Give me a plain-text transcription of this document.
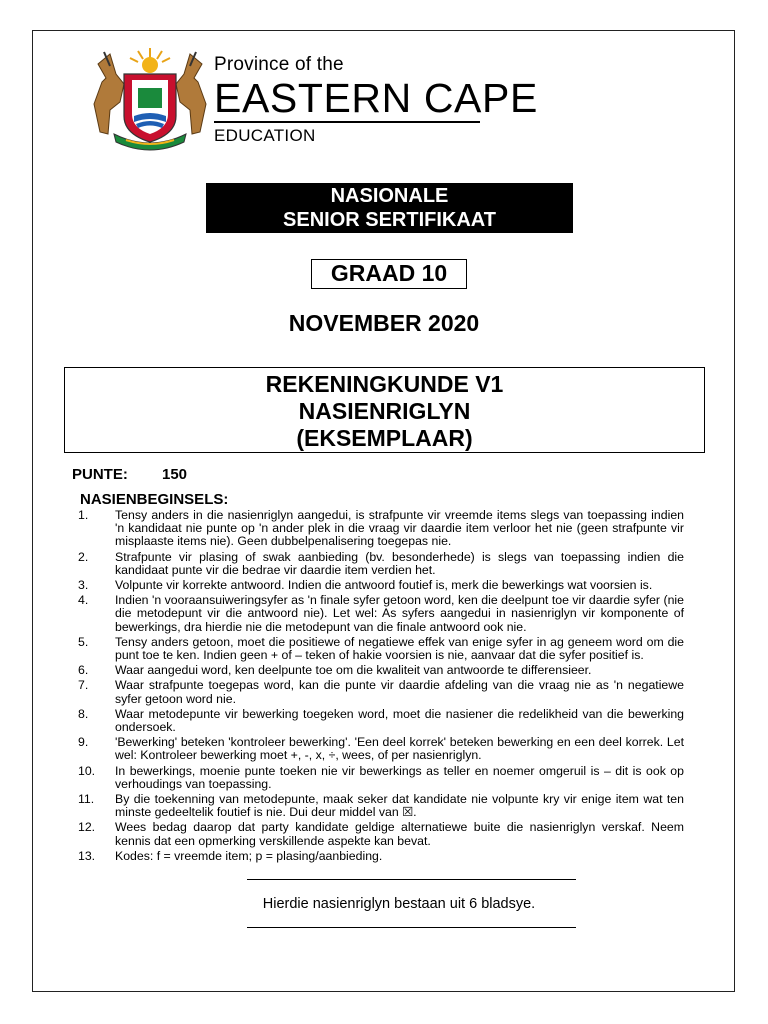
Province of the
EASTERN CAPE
EDUCATION
NASIONALE
SENIOR SERTIFIKAAT
GRAAD 10
NOVEMBER 2020
REKENINGKUNDE V1
NASIENRIGLYN
(EKSEMPLAAR)
PUNTE: 150
NASIENBEGINSELS:
1. Tensy anders in die nasienriglyn aangedui, is strafpunte vir vreemde items slegs van toepassing indien 'n kandidaat nie punte op 'n ander plek in die vraag vir daardie item verloor het nie (geen strafpunte vir misplaaste items nie). Geen dubbelpenalisering toegepas nie.
2. Strafpunte vir plasing of swak aanbieding (bv. besonderhede) is slegs van toepassing indien die kandidaat punte vir die bedrae vir daardie item verdien het.
3. Volpunte vir korrekte antwoord. Indien die antwoord foutief is, merk die bewerkings wat voorsien is.
4. Indien 'n vooraansuiweringsyfer as 'n finale syfer getoon word, ken die deelpunt toe vir daardie syfer (nie die metodepunt vir die antwoord nie). Let wel: As syfers aangedui in nasienriglyn vir komponente of bewerkings, dra hierdie nie die metodepunt van die finale antwoord ook nie.
5. Tensy anders getoon, moet die positiewe of negatiewe effek van enige syfer in ag geneem word om die punt toe te ken. Indien geen + of – teken of hakie voorsien is nie, aanvaar dat die syfer positief is.
6. Waar aangedui word, ken deelpunte toe om die kwaliteit van antwoorde te differensieer.
7. Waar strafpunte toegepas word, kan die punte vir daardie afdeling van die vraag nie as 'n negatiewe syfer getoon word nie.
8. Waar metodepunte vir bewerking toegeken word, moet die nasiener die redelikheid van die bewerking ondersoek.
9. 'Bewerking' beteken 'kontroleer bewerking'. 'Een deel korrek' beteken bewerking en een deel korrek. Let wel: Kontroleer bewerking moet +, -, x, ÷, wees, of per nasienriglyn.
10. In bewerkings, moenie punte toeken nie vir bewerkings as teller en noemer omgeruil is – dit is ook op verhoudings van toepassing.
11. By die toekenning van metodepunte, maak seker dat kandidate nie volpunte kry vir enige item wat ten minste gedeeltelik foutief is nie. Dui deur middel van ☒.
12. Wees bedag daarop dat party kandidate geldige alternatiewe buite die nasienriglyn verskaf. Neem kennis dat een opmerking verskillende aspekte kan bevat.
13. Kodes: f = vreemde item; p = plasing/aanbieding.
Hierdie nasienriglyn bestaan uit 6 bladsye.
